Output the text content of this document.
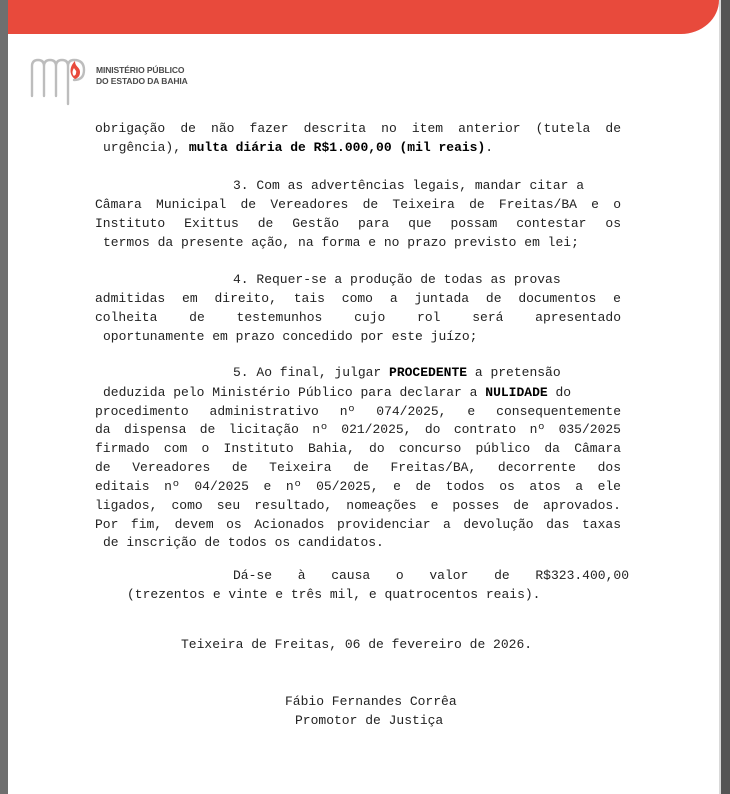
MINISTÉRIO PÚBLICO
DO ESTADO DA BAHIA
obrigação de não fazer descrita no item anterior (tutela de
urgência), multa diária de R$1.000,00 (mil reais).
3. Com as advertências legais, mandar citar a
Câmara Municipal de Vereadores de Teixeira de Freitas/BA e o
Instituto Exittus de Gestão para que possam contestar os
termos da presente ação, na forma e no prazo previsto em lei;
4. Requer-se a produção de todas as provas
admitidas em direito, tais como a juntada de documentos e
colheita de testemunhos cujo rol será apresentado
oportunamente em prazo concedido por este juízo;
5. Ao final, julgar PROCEDENTE a pretensão
deduzida pelo Ministério Público para declarar a NULIDADE do
procedimento administrativo nº 074/2025, e consequentemente
da dispensa de licitação nº 021/2025, do contrato nº 035/2025
firmado com o Instituto Bahia, do concurso público da Câmara
de Vereadores de Teixeira de Freitas/BA, decorrente dos
editais nº 04/2025 e nº 05/2025, e de todos os atos a ele
ligados, como seu resultado, nomeações e posses de aprovados.
Por fim, devem os Acionados providenciar a devolução das taxas
de inscrição de todos os candidatos.
Dá-se à causa o valor de R$323.400,00
(trezentos e vinte e três mil, e quatrocentos reais).
Teixeira de Freitas, 06 de fevereiro de 2026.
Fábio Fernandes Corrêa
Promotor de Justiça
